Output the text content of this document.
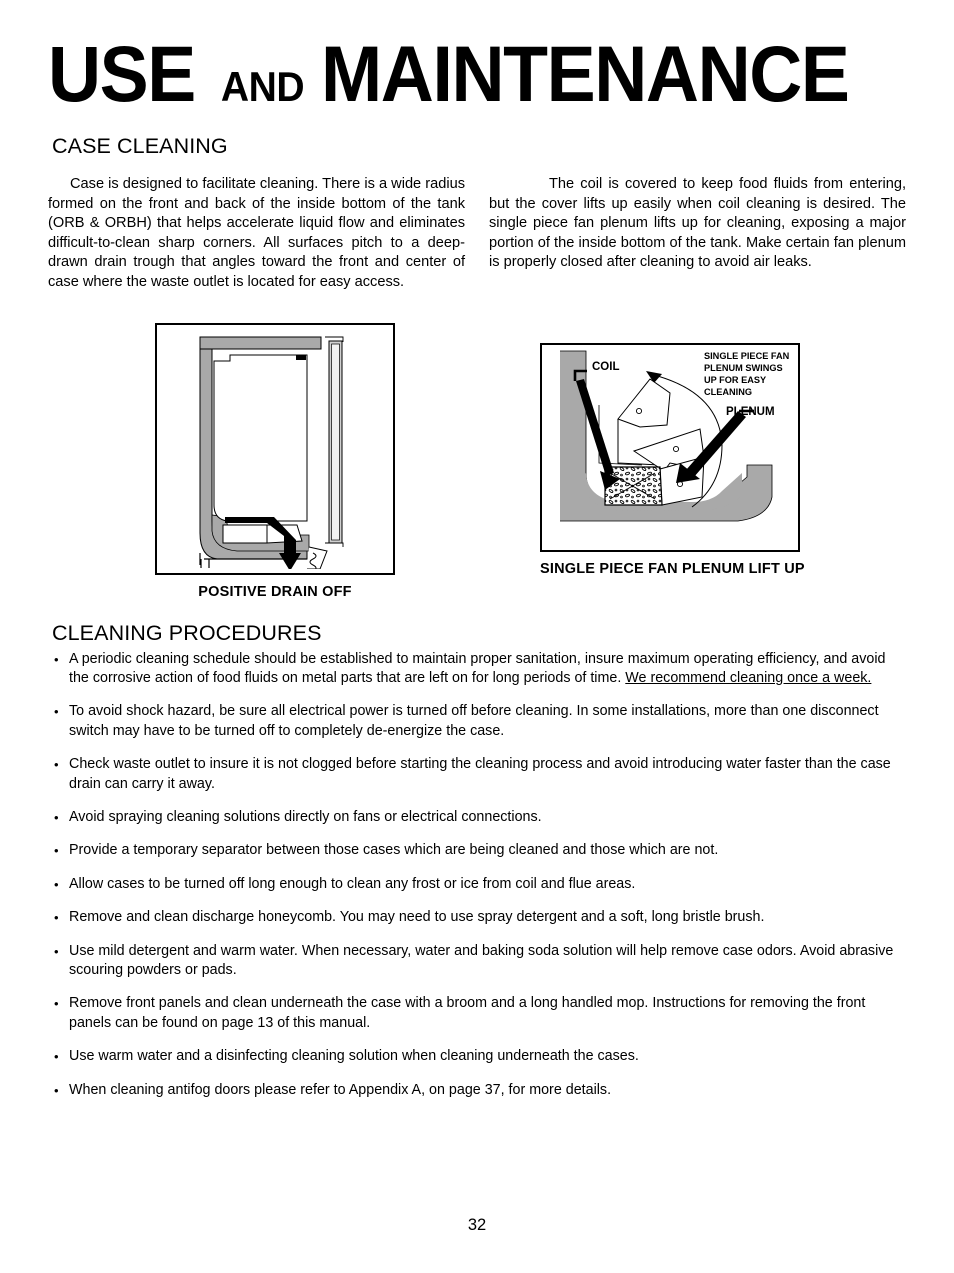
USE AND MAINTENANCE
CASE CLEANING

Case is designed to facilitate cleaning. There is a wide radius formed on the front and back of the inside bottom of the tank (ORB & ORBH) that helps accelerate liquid flow and eliminates difficult-to-clean sharp corners. All surfaces pitch to a deep-drawn drain trough that angles toward the front and center of case where the waste outlet is located for easy access.

The coil is covered to keep food fluids from entering, but the cover lifts up easily when coil cleaning is desired. The single piece fan plenum lifts up for cleaning, exposing a major portion of the inside bottom of the tank. Make certain fan plenum is properly closed after cleaning to avoid air leaks.

POSITIVE DRAIN OFF
COIL
PLENUM
SINGLE PIECE FAN
PLENUM SWINGS
UP FOR EASY
CLEANING
SINGLE PIECE FAN PLENUM LIFT UP
CLEANING PROCEDURES
• A periodic cleaning schedule should be established to maintain proper sanitation, insure maximum operating efficiency, and avoid the corrosive action of food fluids on metal parts that are left on for long periods of time. We recommend cleaning once a week.
• To avoid shock hazard, be sure all electrical power is turned off before cleaning. In some installations, more than one disconnect switch may have to be turned off to completely de-energize the case.
• Check waste outlet to insure it is not clogged before starting the cleaning process and avoid introducing water faster than the case drain can carry it away.
• Avoid spraying cleaning solutions directly on fans or electrical connections.
• Provide a temporary separator between those cases which are being cleaned and those which are not.
• Allow cases to be turned off long enough to clean any frost or ice from coil and flue areas.
• Remove and clean discharge honeycomb. You may need to use spray detergent and a soft, long bristle brush.
• Use mild detergent and warm water. When necessary, water and baking soda solution will help remove case odors. Avoid abrasive scouring powders or pads.
• Remove front panels and clean underneath the case with a broom and a long handled mop. Instructions for removing the front panels can be found on page 13 of this manual.
• Use warm water and a disinfecting cleaning solution when cleaning underneath the cases.
• When cleaning antifog doors please refer to Appendix A, on page 37, for more details.
32
